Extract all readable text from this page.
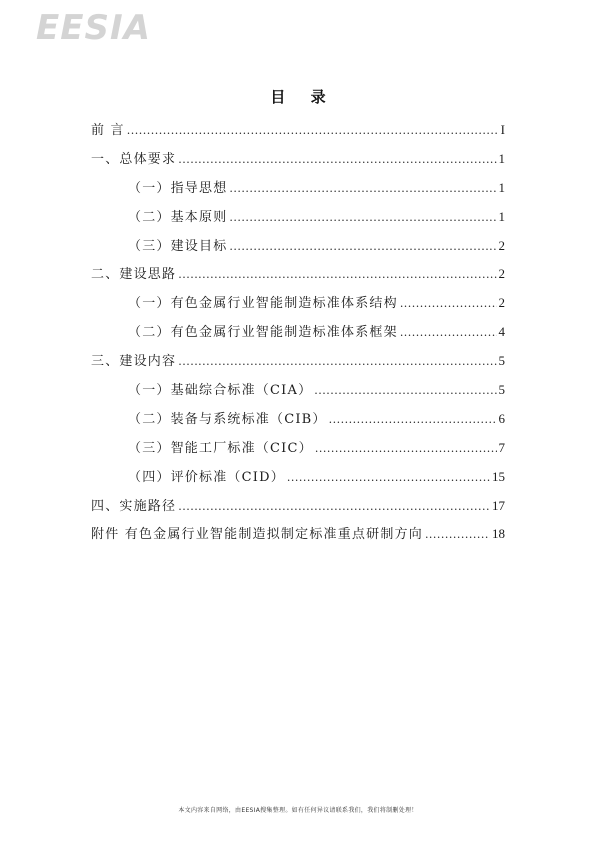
EESIA
目 录
前 言 .....	I
一、总体要求 .....	1
（一）指导思想 .....	1
（二）基本原则 .....	1
（三）建设目标 .....	2
二、建设思路 .....	2
（一）有色金属行业智能制造标准体系结构 .....	2
（二）有色金属行业智能制造标准体系框架 .....	4
三、建设内容 .....	5
（一）基础综合标准（CIA） .....	5
（二）装备与系统标准（CIB） .....	6
（三）智能工厂标准（CIC） .....	7
（四）评价标准（CID） .....	15
四、实施路径 .....	17
附件 有色金属行业智能制造拟制定标准重点研制方向 .....	18
本文内容来自网络，由EESIA搜集整理。如有任何异议请联系我们，我们将制删处理！
